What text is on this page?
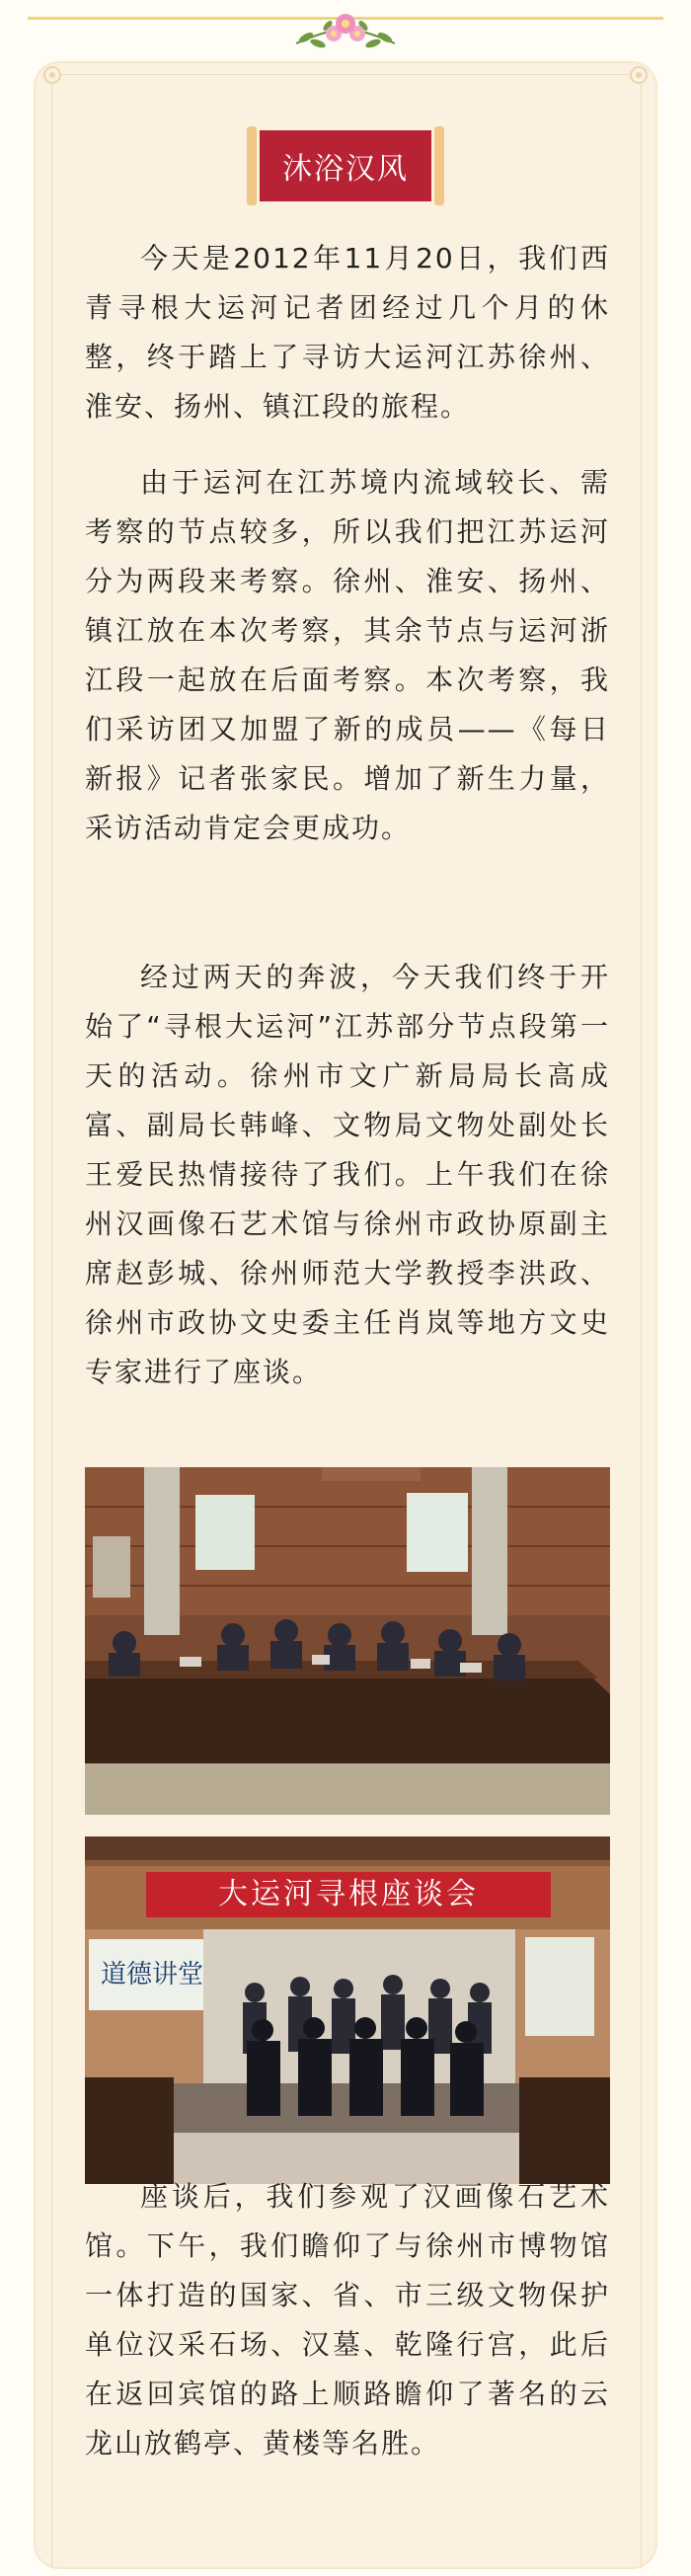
沐浴汉风

今天是2012年11月20日，我们西青寻根大运河记者团经过几个月的休整，终于踏上了寻访大运河江苏徐州、淮安、扬州、镇江段的旅程。

由于运河在江苏境内流域较长、需考察的节点较多，所以我们把江苏运河分为两段来考察。徐州、淮安、扬州、镇江放在本次考察，其余节点与运河浙江段一起放在后面考察。本次考察，我们采访团又加盟了新的成员——《每日新报》记者张家民。增加了新生力量，采访活动肯定会更成功。

经过两天的奔波，今天我们终于开始了“寻根大运河”江苏部分节点段第一天的活动。徐州市文广新局局长高成富、副局长韩峰、文物局文物处副处长王爱民热情接待了我们。上午我们在徐州汉画像石艺术馆与徐州市政协原副主席赵彭城、徐州师范大学教授李洪政、徐州市政协文史委主任肖岚等地方文史专家进行了座谈。

大运河寻根座谈会
道德讲堂

座谈后，我们参观了汉画像石艺术馆。下午，我们瞻仰了与徐州市博物馆一体打造的国家、省、市三级文物保护单位汉采石场、汉墓、乾隆行宫，此后在返回宾馆的路上顺路瞻仰了著名的云龙山放鹤亭、黄楼等名胜。
